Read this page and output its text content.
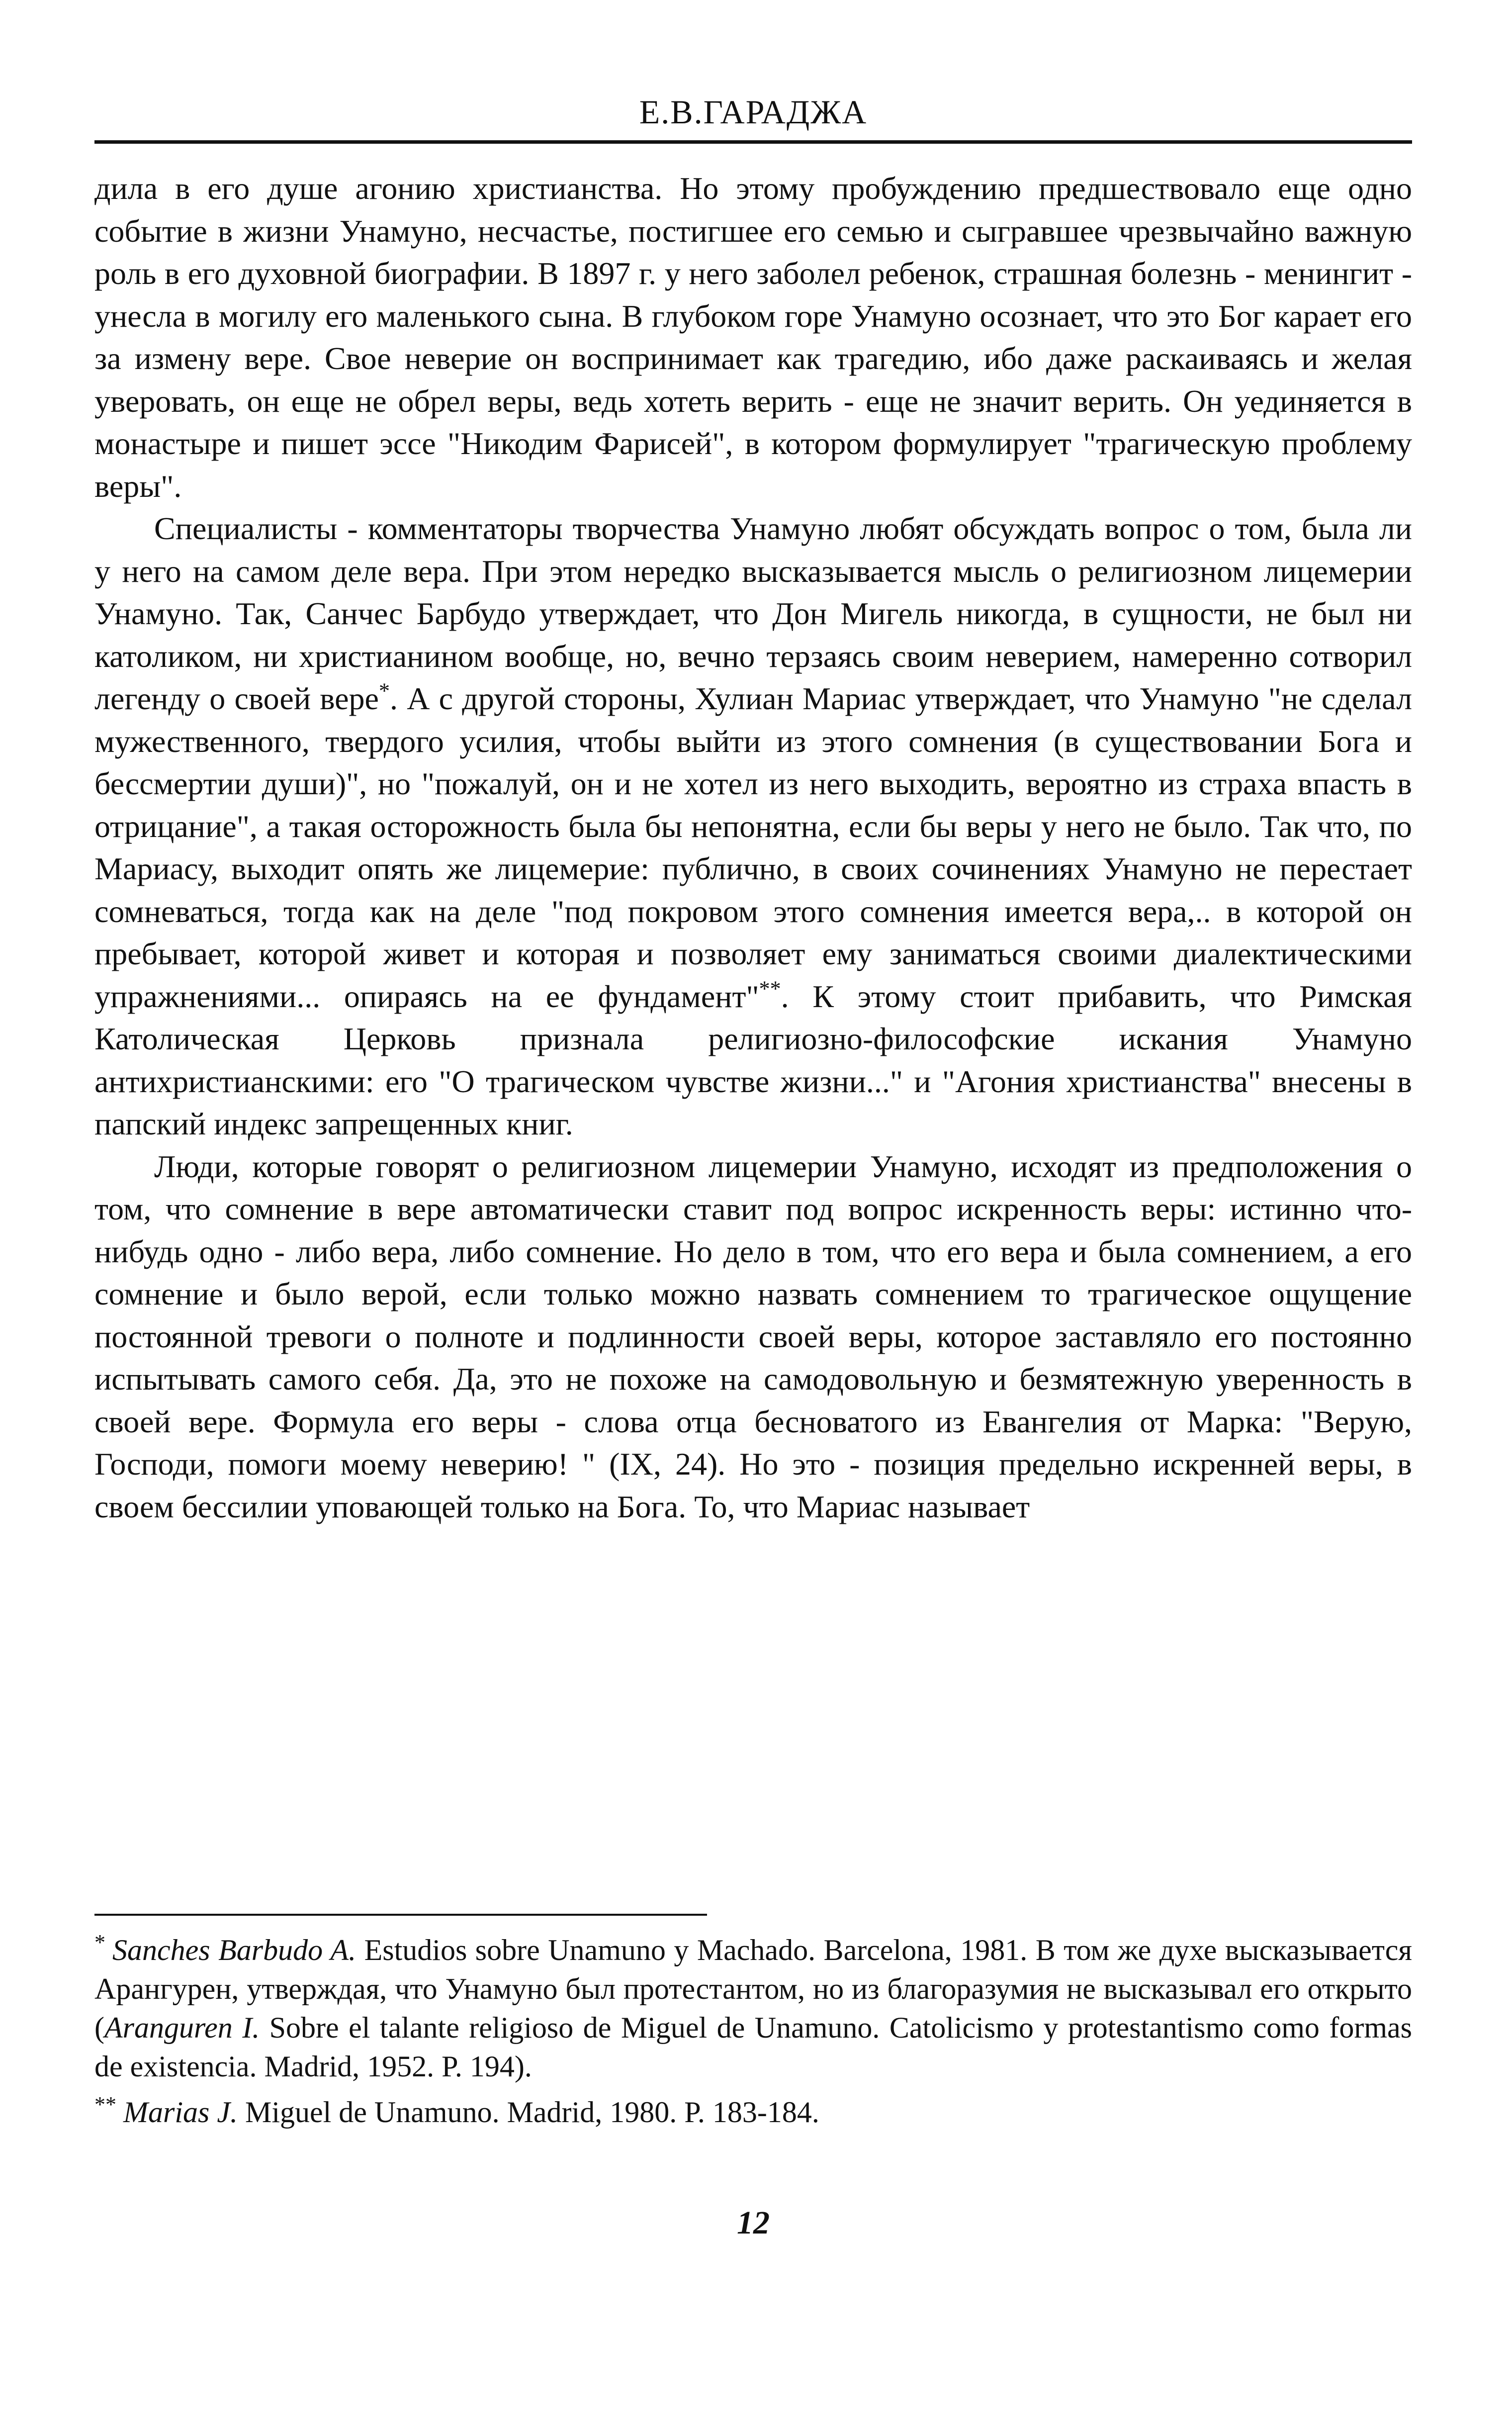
Е.В.ГАРАДЖА

дила в его душе агонию христианства. Но этому пробуждению предшествовало еще одно событие в жизни Унамуно, несчастье, постигшее его семью и сыгравшее чрезвычайно важную роль в его духовной биографии. В 1897 г. у него заболел ребенок, страшная болезнь - менингит - унесла в могилу его маленького сына. В глубоком горе Унамуно осознает, что это Бог карает его за измену вере. Свое неверие он воспринимает как трагедию, ибо даже раскаиваясь и желая уверовать, он еще не обрел веры, ведь хотеть верить - еще не значит верить. Он уединяется в монастыре и пишет эссе "Никодим Фарисей", в котором формулирует "трагическую проблему веры".

Специалисты - комментаторы творчества Унамуно любят обсуждать вопрос о том, была ли у него на самом деле вера. При этом нередко высказывается мысль о религиозном лицемерии Унамуно. Так, Санчес Барбудо утверждает, что Дон Мигель никогда, в сущности, не был ни католиком, ни христианином вообще, но, вечно терзаясь своим неверием, намеренно сотворил легенду о своей вере*. А с другой стороны, Хулиан Мариас утверждает, что Унамуно "не сделал мужественного, твердого усилия, чтобы выйти из этого сомнения (в существовании Бога и бессмертии души)", но "пожалуй, он и не хотел из него выходить, вероятно из страха впасть в отрицание", а такая осторожность была бы непонятна, если бы веры у него не было. Так что, по Мариасу, выходит опять же лицемерие: публично, в своих сочинениях Унамуно не перестает сомневаться, тогда как на деле "под покровом этого сомнения имеется вера,.. в которой он пребывает, которой живет и которая и позволяет ему заниматься своими диалектическими упражнениями... опираясь на ее фундамент"**. К этому стоит прибавить, что Римская Католическая Церковь признала религиозно-философские искания Унамуно антихристианскими: его "О трагическом чувстве жизни..." и "Агония христианства" внесены в папский индекс запрещенных книг.

Люди, которые говорят о религиозном лицемерии Унамуно, исходят из предположения о том, что сомнение в вере автоматически ставит под вопрос искренность веры: истинно что-нибудь одно - либо вера, либо сомнение. Но дело в том, что его вера и была сомнением, а его сомнение и было верой, если только можно назвать сомнением то трагическое ощущение постоянной тревоги о полноте и подлинности своей веры, которое заставляло его постоянно испытывать самого себя. Да, это не похоже на самодовольную и безмятежную уверенность в своей вере. Формула его веры - слова отца бесноватого из Евангелия от Марка: "Верую, Господи, помоги моему неверию! " (IX, 24). Но это - позиция предельно искренней веры, в своем бессилии уповающей только на Бога. То, что Мариас называет

* Sanches Barbudo A. Estudios sobre Unamuno y Machado. Barcelona, 1981. В том же духе высказывается Арангурен, утверждая, что Унамуно был протестантом, но из благоразумия не высказывал его открыто (Aranguren I. Sobre el talante religioso de Miguel de Unamuno. Catolicismo y protestantismo como formas de existencia. Madrid, 1952. P. 194).

** Marias J. Miguel de Unamuno. Madrid, 1980. P. 183-184.

12
